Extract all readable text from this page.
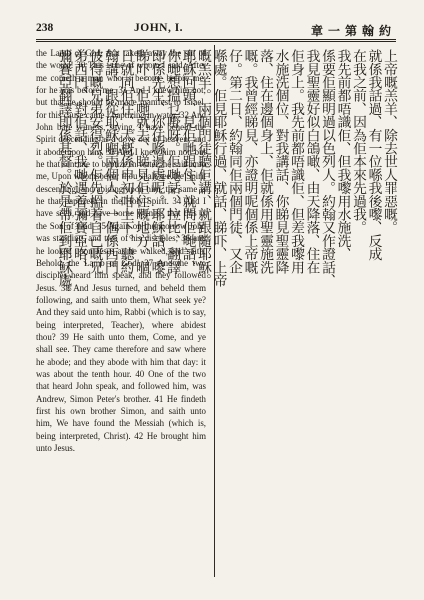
238	JOHN, I.	約翰第一章

the Lamb of God, that taketh away the sin of the world! 30 This is he of whom I said, After me cometh a man who is become before me: for he was before me. 31 And I knew him not; but that he should be made manifest to Israel, for this cause came I baptizing in water. 32 And John bare witness, saying, I have beheld the Spirit descending as a dove out of heaven; and it abode upon him. 33 And I knew him not: but he that sent me to baptize in water, he said unto me, Upon whomsoever thou shalt see the Spirit descending, and abiding upon him, the same is he that baptizeth in the Holy Spirit. 34 And I have seen, and have borne witness that this is the Son of God. 35 Again on the morrow John was standing, and two of his disciples; 36 and he looked upon Jesus as he walked, and saith, Behold, the Lamb of God! 37 And the two disciples heard him speak, and they followed Jesus. 38 And Jesus turned, and beheld them following, and saith unto them, What seek ye? And they said unto him, Rabbi (which is to say, being interpreted, Teacher), where abidest thou? 39 He saith unto them, Come, and ye shall see. They came therefore and saw where he abode; and they abode with him that day: it was about the tenth hour. 40 One of the two that heard John speak, and followed him, was Andrew, Simon Peter's brother. 41 He findeth first his own brother Simon, and saith unto him, We have found the Messiah (which is, being interpreted, Christ). 42 He brought him unto Jesus.

上帝嘅羔羊、除去世人罪惡嘅。
就係我話過、有一位喺我後嚟、反成
在我之前、因為佢本來先過我。
我先前都唔識佢、但我嚟用水施洗、
係要佢顯明過以色列人。約翰又作證話、
我見聖靈好似白鴿噉、由天降落、住在
佢身上。我先前都唔識佢、但差我嚟用
水施洗個位、對我講話、你睇見聖靈降
落、住在邊個身上、佢就係用聖靈施洗
嘅。我曾經睇見、亦證明呢個係上帝嘅
仔。第二日、約翰同佢兩個門徒、又企
喺處。佢見耶穌行過、就話、睇吓、上帝
嘅羔羊。兩個門徒聽佢講、就跟隨耶穌。
耶穌回頭、見佢哋跟住、就問佢哋話、
你哋想搵乜嘢呀。佢哋話、拉比、翻譯
即係先生、你住喺邊處呢。耶穌話、嚟
睇吓。佢哋就去、睇見佢住嘅地方、嗰
日就同佢住、大概係申初咁上下。聽約
翰講、跟從耶穌嗰兩個人、一個係西門
彼得嘅兄弟安得烈。佢先搵着自己嘅兄
弟西門、對佢話、我哋遇着彌賽亞咯、
彌賽亞翻譯即係基督。於是帶佢到耶穌處。
